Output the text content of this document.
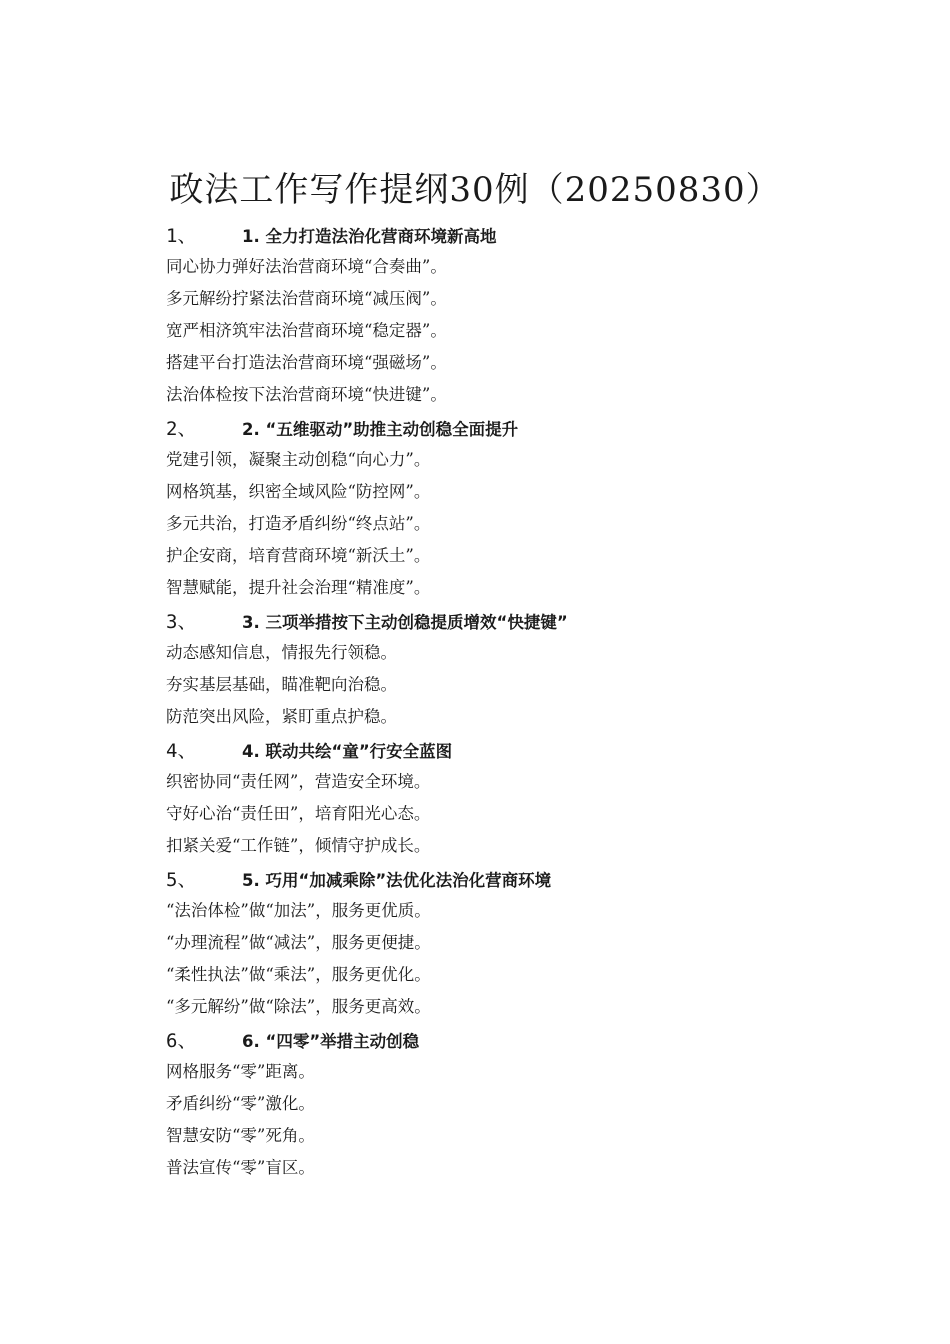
政法工作写作提纲30例（20250830）
1、	1. 全力打造法治化营商环境新高地
同心协力弹好法治营商环境“合奏曲”。
多元解纷拧紧法治营商环境“减压阀”。
宽严相济筑牢法治营商环境“稳定器”。
搭建平台打造法治营商环境“强磁场”。
法治体检按下法治营商环境“快进键”。
2、	2. “五维驱动”助推主动创稳全面提升
党建引领，凝聚主动创稳“向心力”。
网格筑基，织密全域风险“防控网”。
多元共治，打造矛盾纠纷“终点站”。
护企安商，培育营商环境“新沃土”。
智慧赋能，提升社会治理“精准度”。
3、	3. 三项举措按下主动创稳提质增效“快捷键”
动态感知信息，情报先行领稳。
夯实基层基础，瞄准靶向治稳。
防范突出风险，紧盯重点护稳。
4、	4. 联动共绘“童”行安全蓝图
织密协同“责任网”，营造安全环境。
守好心治“责任田”，培育阳光心态。
扣紧关爱“工作链”，倾情守护成长。
5、	5. 巧用“加减乘除”法优化法治化营商环境
“法治体检”做“加法”，服务更优质。
“办理流程”做“减法”，服务更便捷。
“柔性执法”做“乘法”，服务更优化。
“多元解纷”做“除法”，服务更高效。
6、	6. “四零”举措主动创稳
网格服务“零”距离。
矛盾纠纷“零”激化。
智慧安防“零”死角。
普法宣传“零”盲区。
